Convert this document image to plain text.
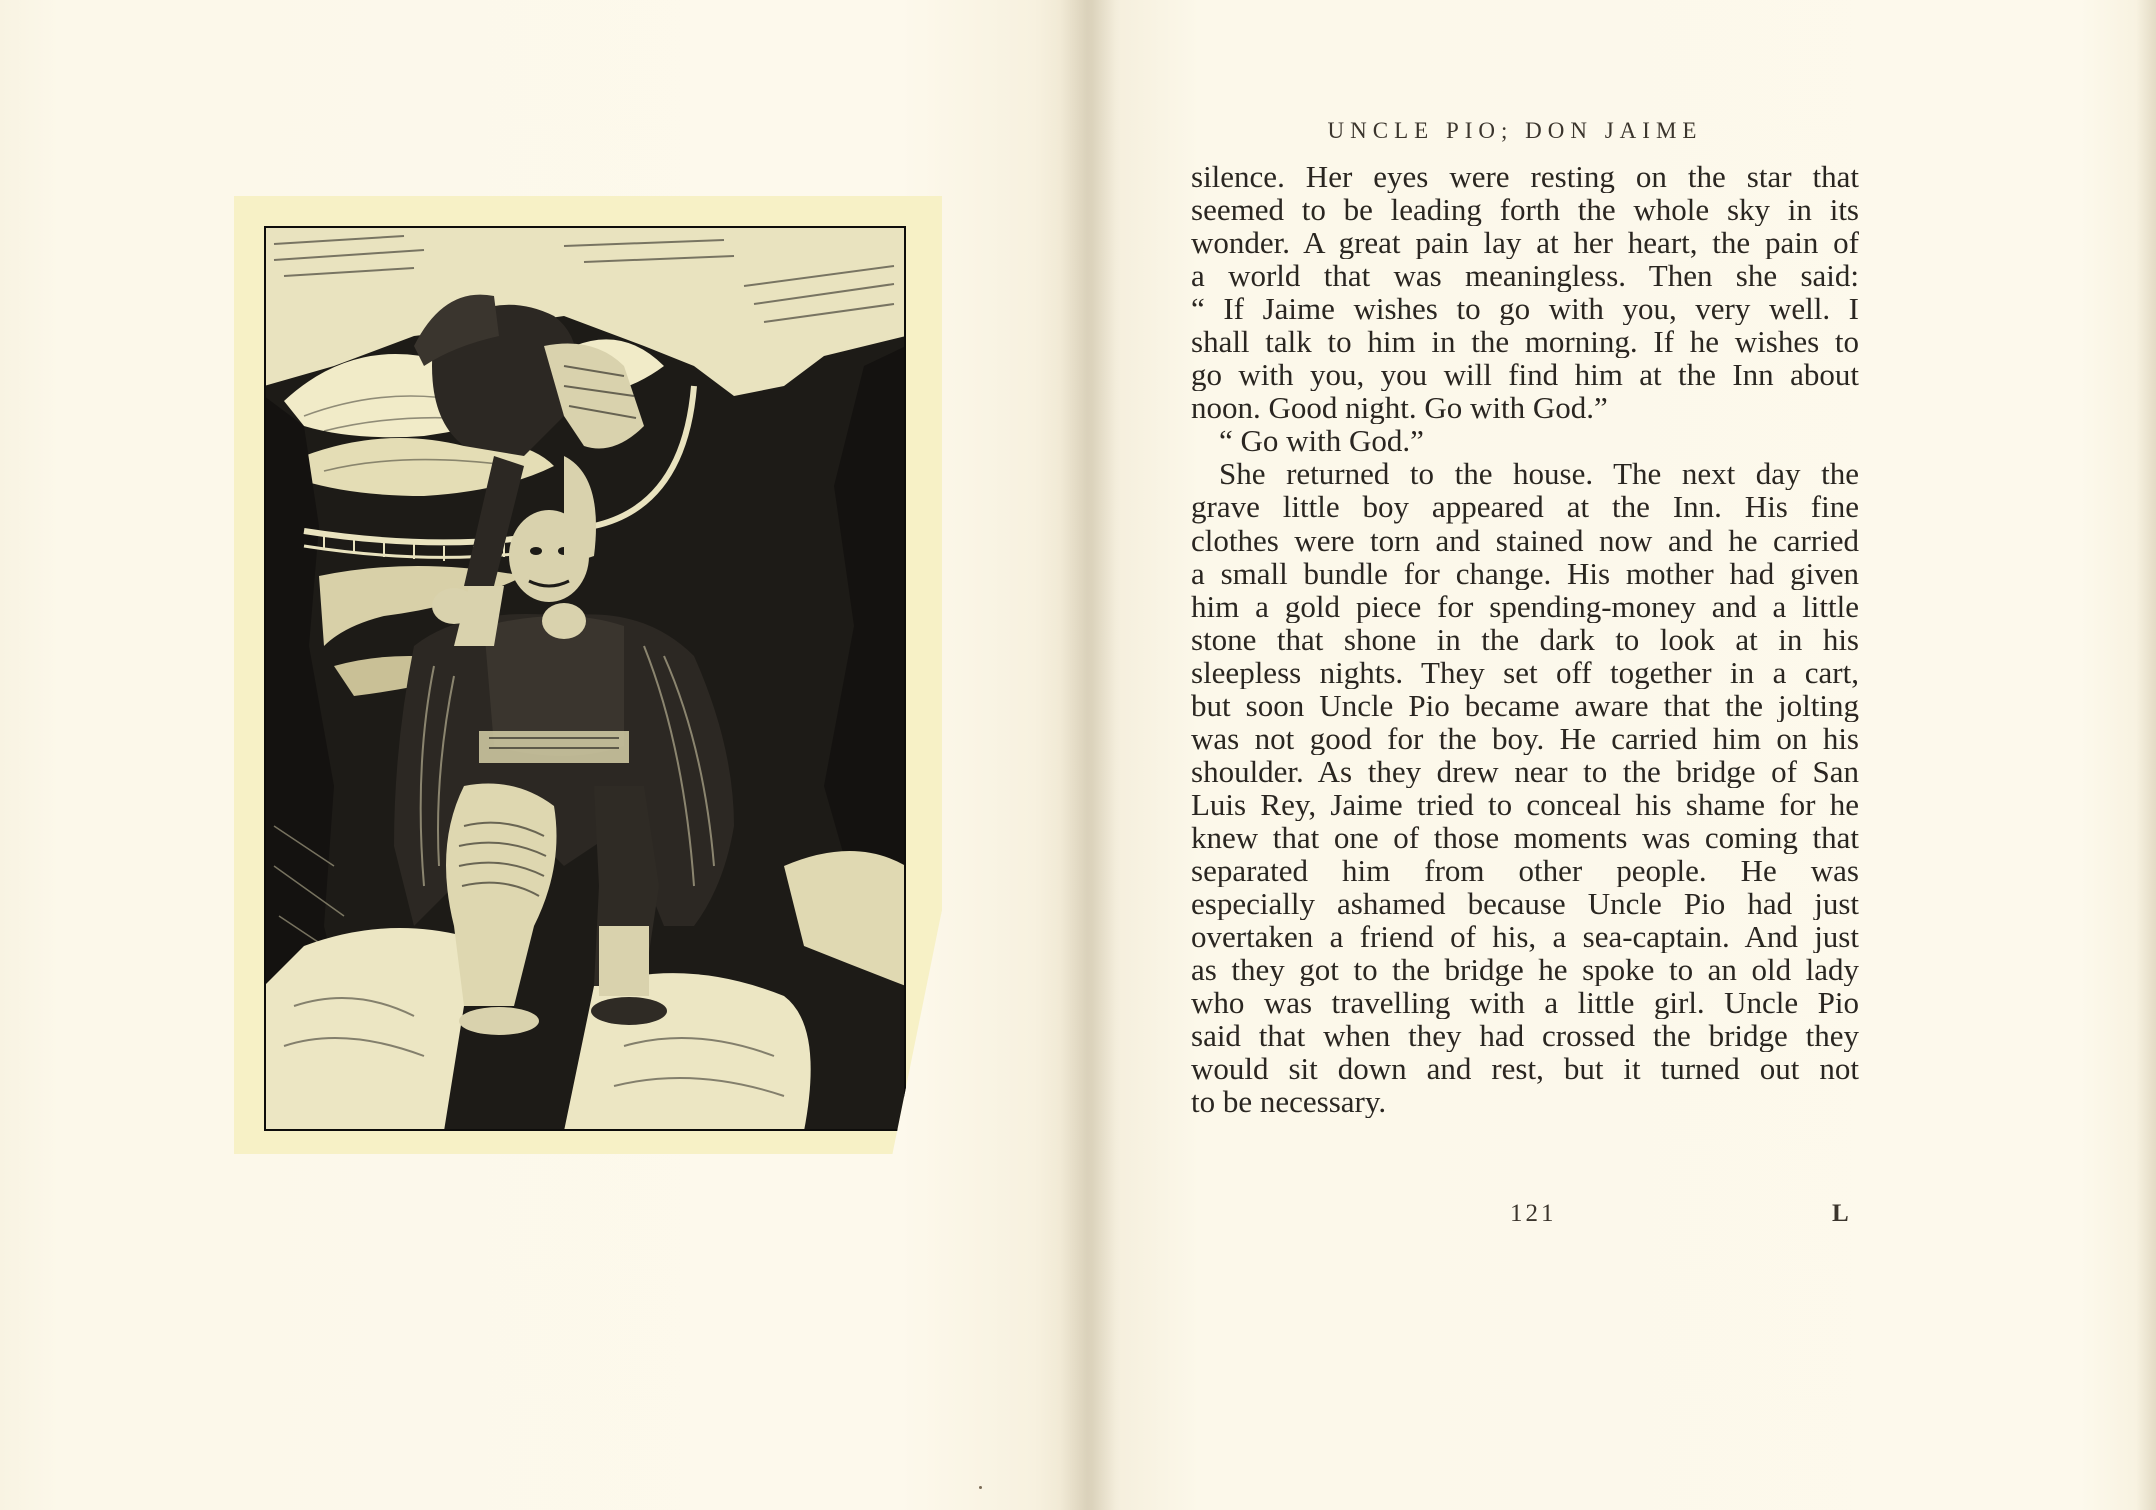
UNCLE PIO; DON JAIME
silence. Her eyes were resting on the star that
seemed to be leading forth the whole sky in its
wonder. A great pain lay at her heart, the pain of
a world that was meaningless. Then she said:
“ If Jaime wishes to go with you, very well. I
shall talk to him in the morning. If he wishes to
go with you, you will find him at the Inn about
noon. Good night. Go with God.”
“ Go with God.”
She returned to the house. The next day the
grave little boy appeared at the Inn. His fine
clothes were torn and stained now and he carried
a small bundle for change. His mother had given
him a gold piece for spending-money and a little
stone that shone in the dark to look at in his
sleepless nights. They set off together in a cart,
but soon Uncle Pio became aware that the jolting
was not good for the boy. He carried him on his
shoulder. As they drew near to the bridge of San
Luis Rey, Jaime tried to conceal his shame for he
knew that one of those moments was coming that
separated him from other people. He was
especially ashamed because Uncle Pio had just
overtaken a friend of his, a sea-captain. And just
as they got to the bridge he spoke to an old lady
who was travelling with a little girl. Uncle Pio
said that when they had crossed the bridge they
would sit down and rest, but it turned out not
to be necessary.
121	L
